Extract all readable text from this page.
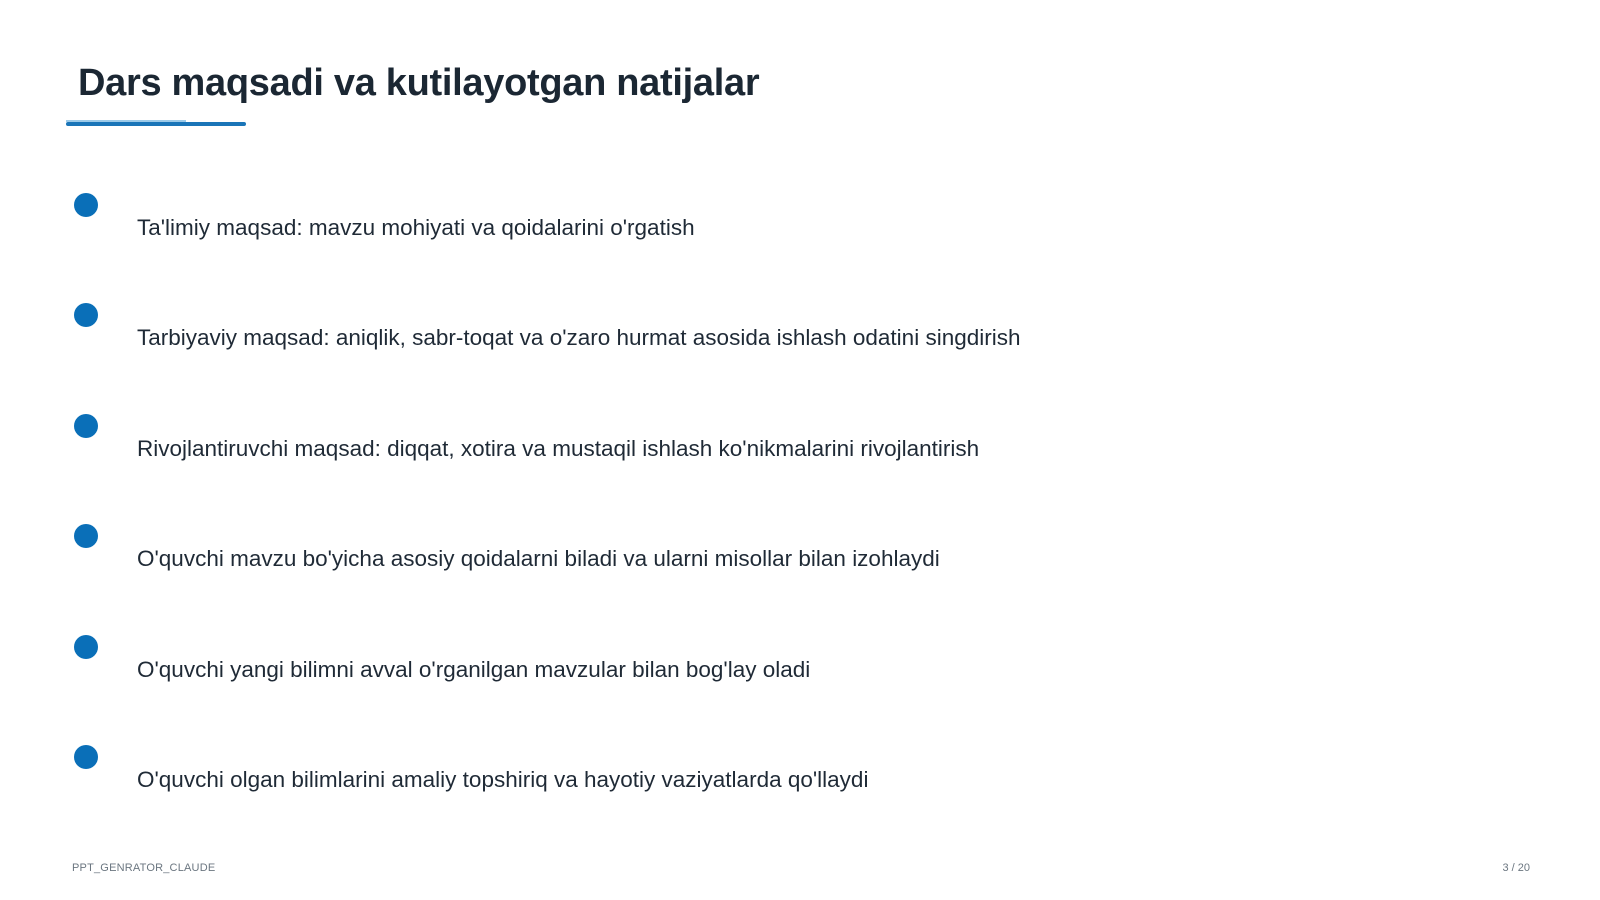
Dars maqsadi va kutilayotgan natijalar
Ta'limiy maqsad: mavzu mohiyati va qoidalarini o'rgatish
Tarbiyaviy maqsad: aniqlik, sabr-toqat va o'zaro hurmat asosida ishlash odatini singdirish
Rivojlantiruvchi maqsad: diqqat, xotira va mustaqil ishlash ko'nikmalarini rivojlantirish
O'quvchi mavzu bo'yicha asosiy qoidalarni biladi va ularni misollar bilan izohlaydi
O'quvchi yangi bilimni avval o'rganilgan mavzular bilan bog'lay oladi
O'quvchi olgan bilimlarini amaliy topshiriq va hayotiy vaziyatlarda qo'llaydi
PPT_GENRATOR_CLAUDE	3 / 20
